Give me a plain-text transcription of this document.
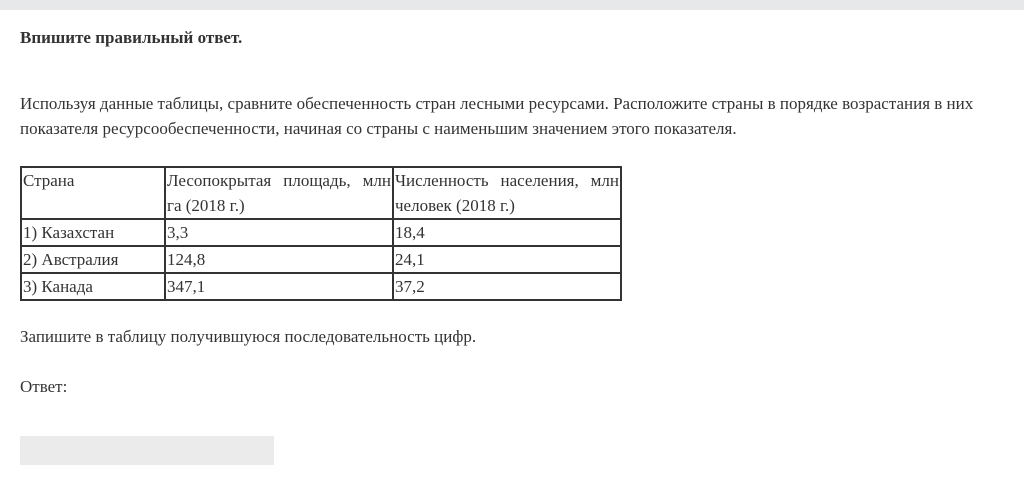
Впишите правильный ответ.
Используя данные таблицы, сравните обеспеченность стран лесными ресурсами. Расположите страны в порядке возрастания в них показателя ресурсообеспеченности, начиная со страны с наименьшим значением этого показателя.
Страна	Лесопокрытая площадь, млн га (2018 г.)	Численность населения, млн человек (2018 г.)
1) Казахстан	3,3	18,4
2) Австралия	124,8	24,1
3) Канада	347,1	37,2
Запишите в таблицу получившуюся последовательность цифр.
Ответ:
